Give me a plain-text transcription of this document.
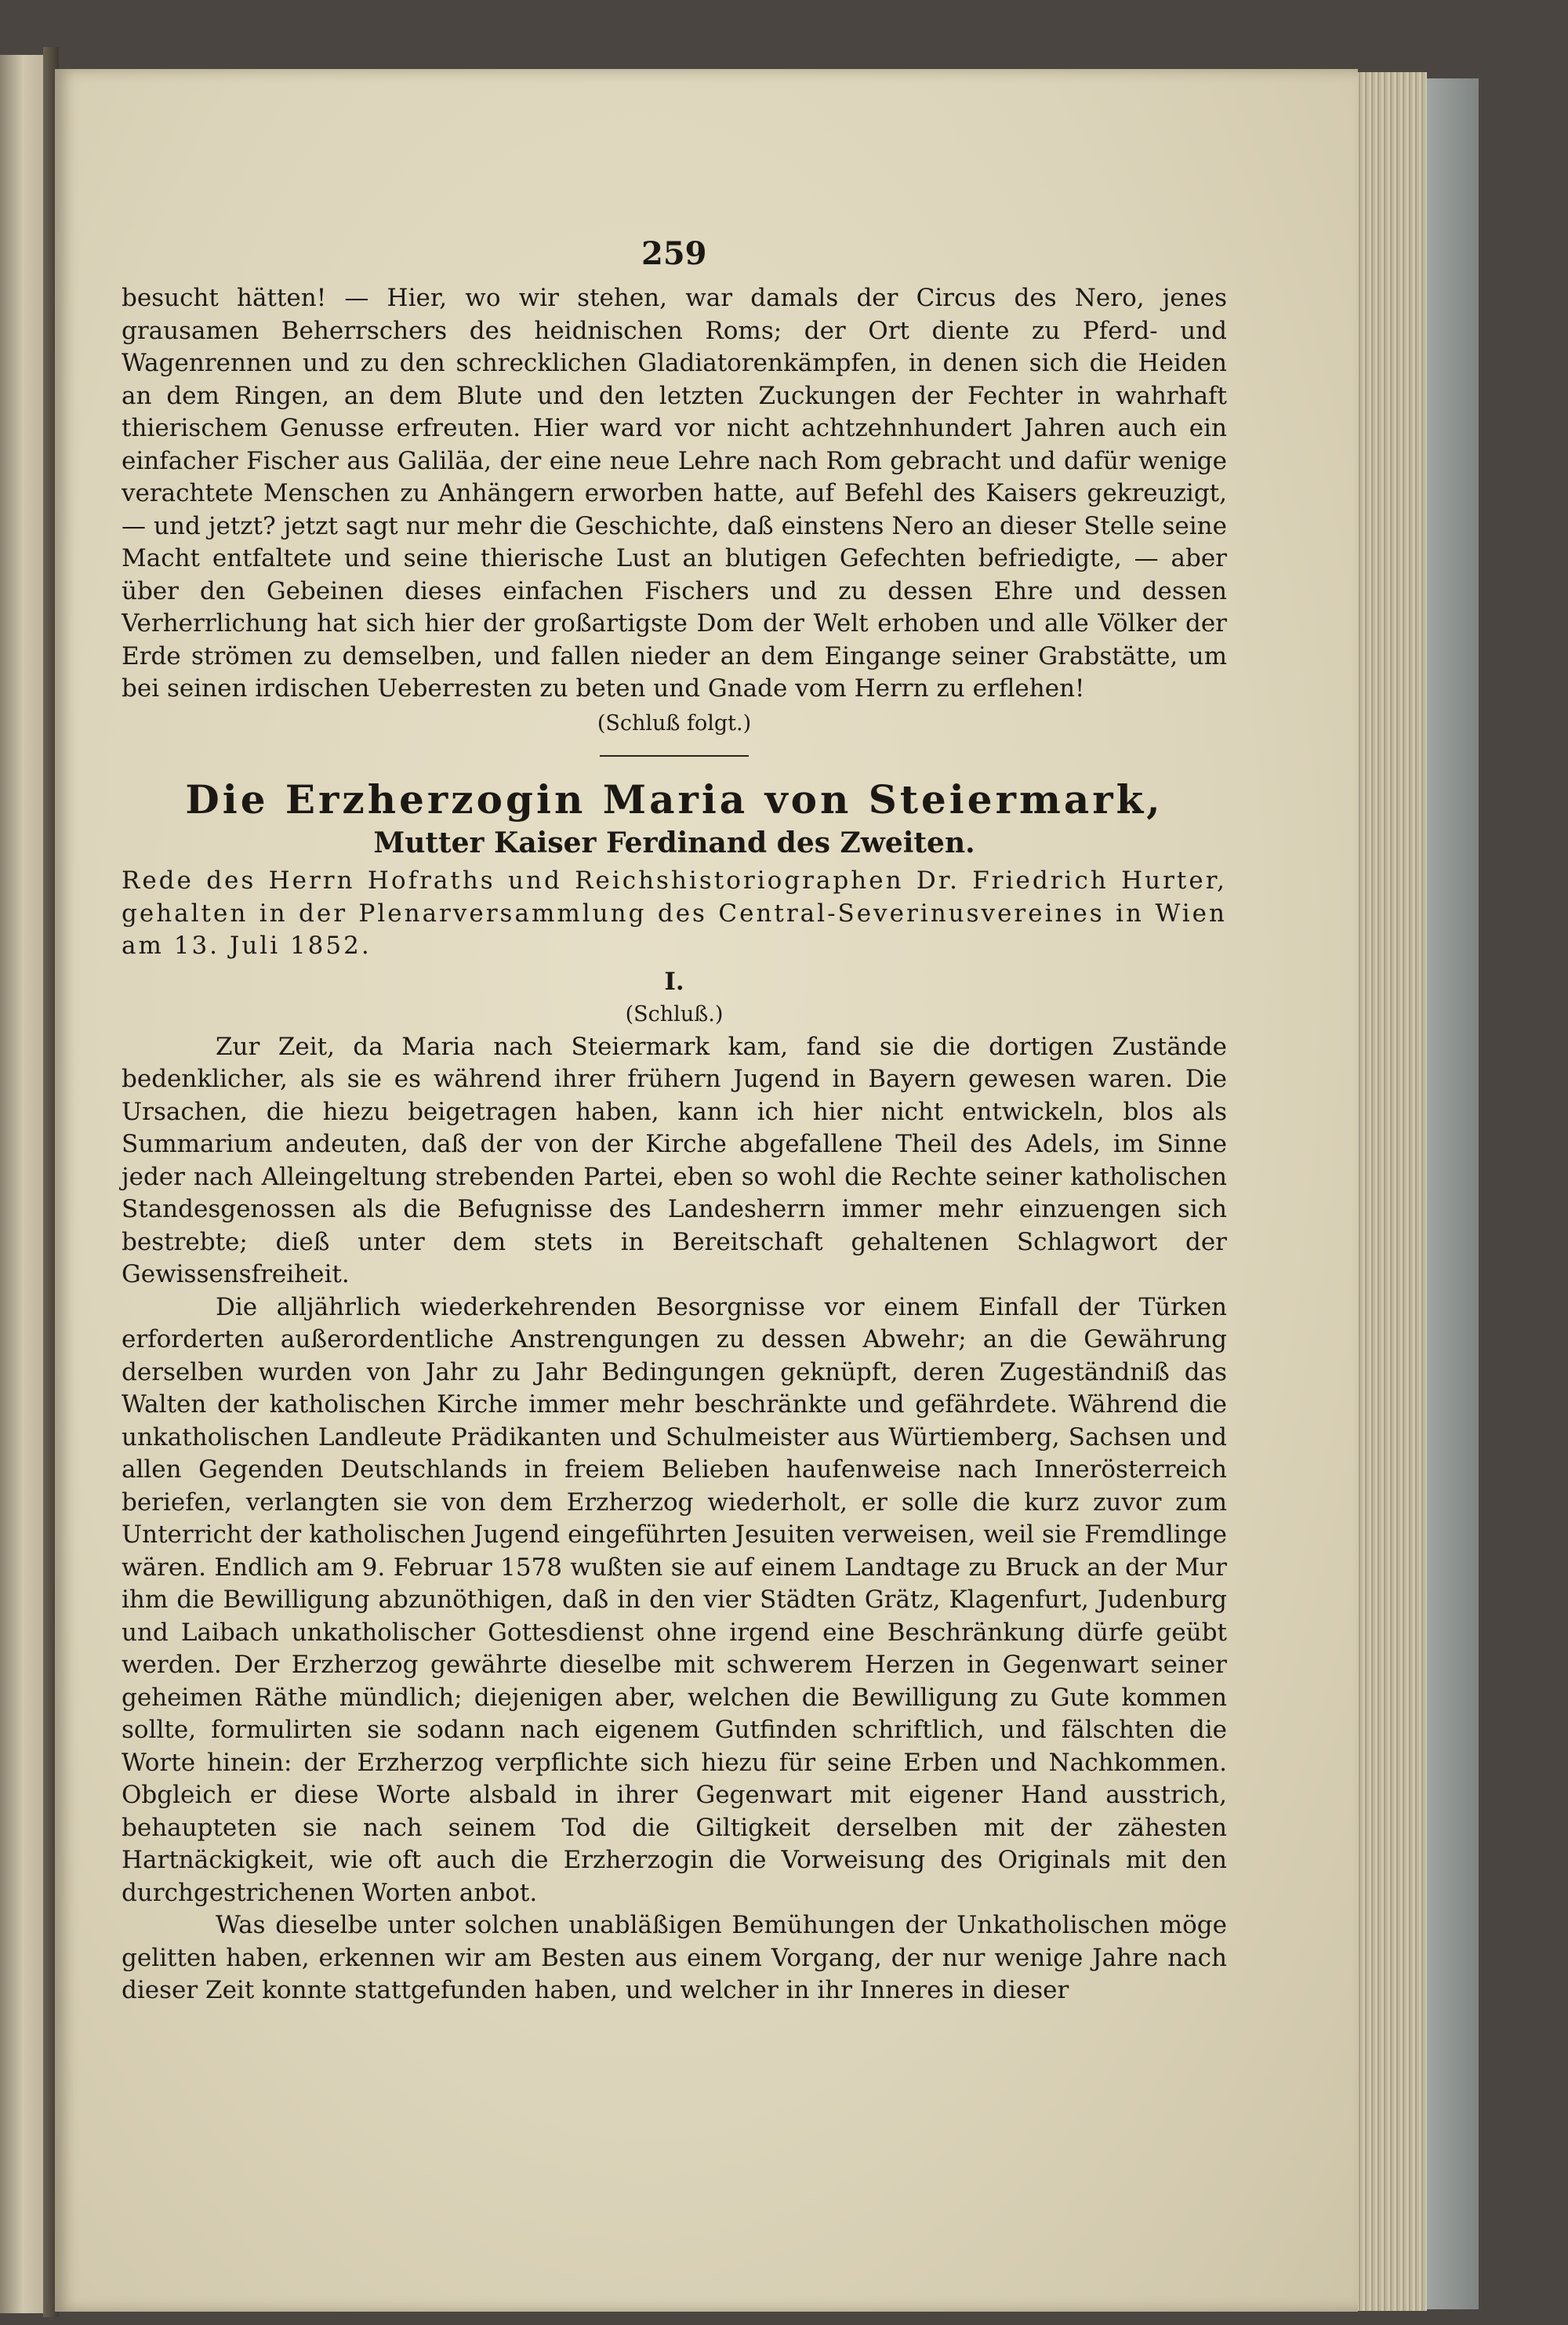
259

besucht hätten! — Hier, wo wir stehen, war damals der Circus des Nero, jenes grausamen Beherrschers des heidnischen Roms; der Ort diente zu Pferd- und Wagenrennen und zu den schrecklichen Gladiatorenkämpfen, in denen sich die Heiden an dem Ringen, an dem Blute und den letzten Zuckungen der Fechter in wahrhaft thierischem Genusse erfreuten. Hier ward vor nicht achtzehnhundert Jahren auch ein einfacher Fischer aus Galiläa, der eine neue Lehre nach Rom gebracht und dafür wenige verachtete Menschen zu Anhängern erworben hatte, auf Befehl des Kaisers gekreuzigt, — und jetzt? jetzt sagt nur mehr die Geschichte, daß einstens Nero an dieser Stelle seine Macht entfaltete und seine thierische Lust an blutigen Gefechten befriedigte, — aber über den Gebeinen dieses einfachen Fischers und zu dessen Ehre und dessen Verherrlichung hat sich hier der großartigste Dom der Welt erhoben und alle Völker der Erde strömen zu demselben, und fallen nieder an dem Eingange seiner Grabstätte, um bei seinen irdischen Ueberresten zu beten und Gnade vom Herrn zu erflehen!

(Schluß folgt.)

Die Erzherzogin Maria von Steiermark,
Mutter Kaiser Ferdinand des Zweiten.

Rede des Herrn Hofraths und Reichshistoriographen Dr. Friedrich Hurter, gehalten in der Plenarversammlung des Central-Severinusvereines in Wien am 13. Juli 1852.

I.

(Schluß.)

Zur Zeit, da Maria nach Steiermark kam, fand sie die dortigen Zustände bedenklicher, als sie es während ihrer frühern Jugend in Bayern gewesen waren. Die Ursachen, die hiezu beigetragen haben, kann ich hier nicht entwickeln, blos als Summarium andeuten, daß der von der Kirche abgefallene Theil des Adels, im Sinne jeder nach Alleingeltung strebenden Partei, eben so wohl die Rechte seiner katholischen Standesgenossen als die Befugnisse des Landesherrn immer mehr einzuengen sich bestrebte; dieß unter dem stets in Bereitschaft gehaltenen Schlagwort der Gewissensfreiheit.

Die alljährlich wiederkehrenden Besorgnisse vor einem Einfall der Türken erforderten außerordentliche Anstrengungen zu dessen Abwehr; an die Gewährung derselben wurden von Jahr zu Jahr Bedingungen geknüpft, deren Zugeständniß das Walten der katholischen Kirche immer mehr beschränkte und gefährdete. Während die unkatholischen Landleute Prädikanten und Schulmeister aus Würtiemberg, Sachsen und allen Gegenden Deutschlands in freiem Belieben haufenweise nach Innerösterreich beriefen, verlangten sie von dem Erzherzog wiederholt, er solle die kurz zuvor zum Unterricht der katholischen Jugend eingeführten Jesuiten verweisen, weil sie Fremdlinge wären. Endlich am 9. Februar 1578 wußten sie auf einem Landtage zu Bruck an der Mur ihm die Bewilligung abzunöthigen, daß in den vier Städten Grätz, Klagenfurt, Judenburg und Laibach unkatholischer Gottesdienst ohne irgend eine Beschränkung dürfe geübt werden. Der Erzherzog gewährte dieselbe mit schwerem Herzen in Gegenwart seiner geheimen Räthe mündlich; diejenigen aber, welchen die Bewilligung zu Gute kommen sollte, formulirten sie sodann nach eigenem Gutfinden schriftlich, und fälschten die Worte hinein: der Erzherzog verpflichte sich hiezu für seine Erben und Nachkommen. Obgleich er diese Worte alsbald in ihrer Gegenwart mit eigener Hand ausstrich, behaupteten sie nach seinem Tod die Giltigkeit derselben mit der zähesten Hartnäckigkeit, wie oft auch die Erzherzogin die Vorweisung des Originals mit den durchgestrichenen Worten anbot.

Was dieselbe unter solchen unabläßigen Bemühungen der Unkatholischen möge gelitten haben, erkennen wir am Besten aus einem Vorgang, der nur wenige Jahre nach dieser Zeit konnte stattgefunden haben, und welcher in ihr Inneres in dieser
